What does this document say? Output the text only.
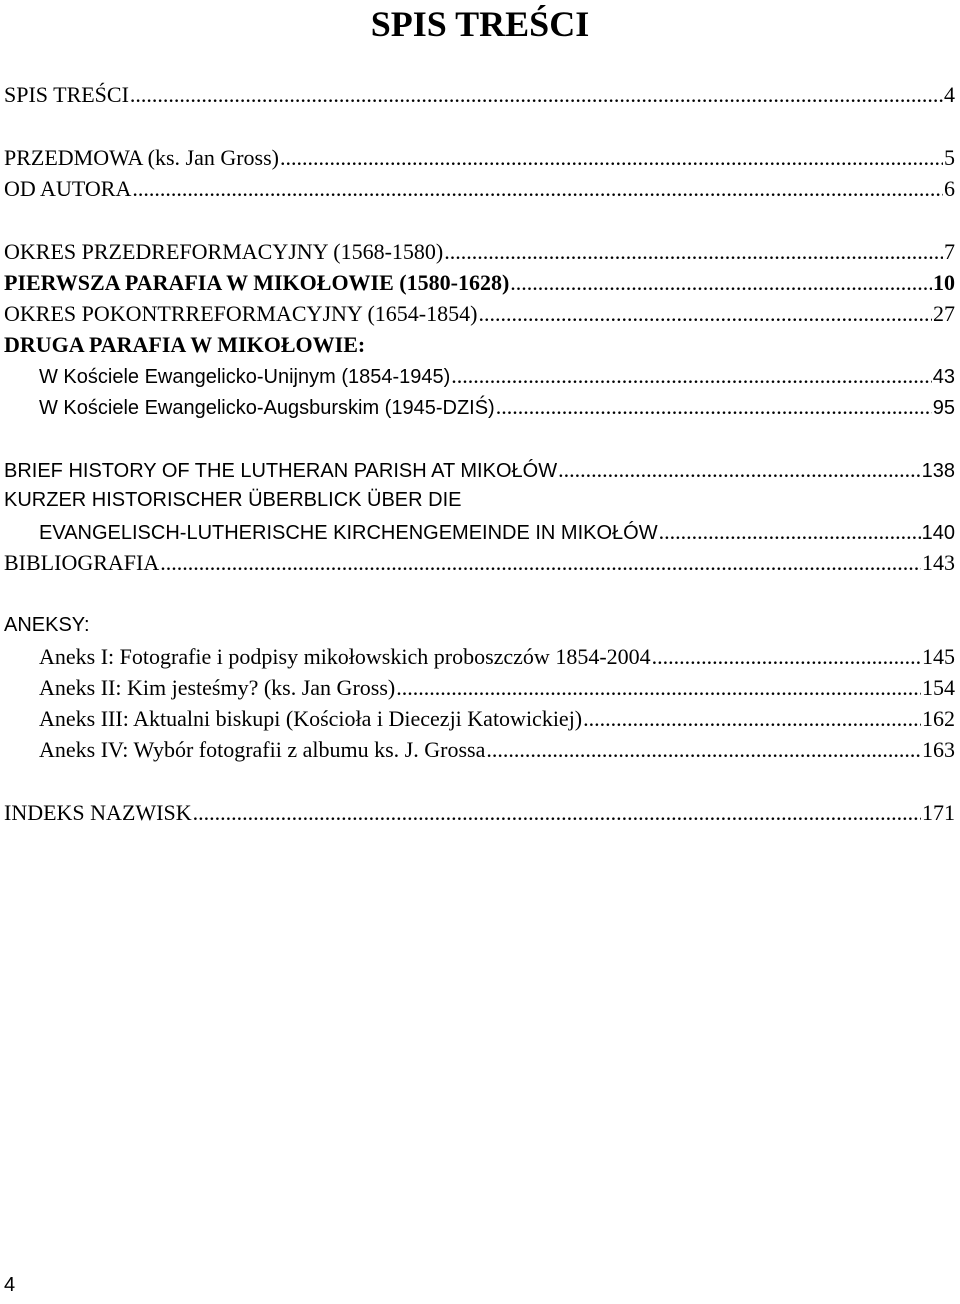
SPIS TREŚCI
SPIS TREŚCI .....	4
PRZEDMOWA (ks. Jan Gross) .....	5
OD AUTORA .....	6
OKRES PRZEDREFORMACYJNY (1568-1580) .....	7
PIERWSZA PARAFIA W MIKOŁOWIE (1580-1628) .....	10
OKRES POKONTRREFORMACYJNY (1654-1854) .....	27
DRUGA PARAFIA W MIKOŁOWIE:
W Kościele Ewangelicko-Unijnym (1854-1945) .....	43
W Kościele Ewangelicko-Augsburskim (1945-DZIŚ) .....	95
BRIEF HISTORY OF THE LUTHERAN PARISH AT MIKOŁÓW .....	138
KURZER HISTORISCHER ÜBERBLICK ÜBER DIE
EVANGELISCH-LUTHERISCHE KIRCHENGEMEINDE IN MIKOŁÓW .....	140
BIBLIOGRAFIA .....	143
ANEKSY:
Aneks I: Fotografie i podpisy mikołowskich proboszczów 1854-2004 .....	145
Aneks II: Kim jesteśmy? (ks. Jan Gross) .....	154
Aneks III: Aktualni biskupi (Kościoła i Diecezji Katowickiej) .....	162
Aneks IV: Wybór fotografii z albumu ks. J. Grossa .....	163
INDEKS NAZWISK .....	171
4
